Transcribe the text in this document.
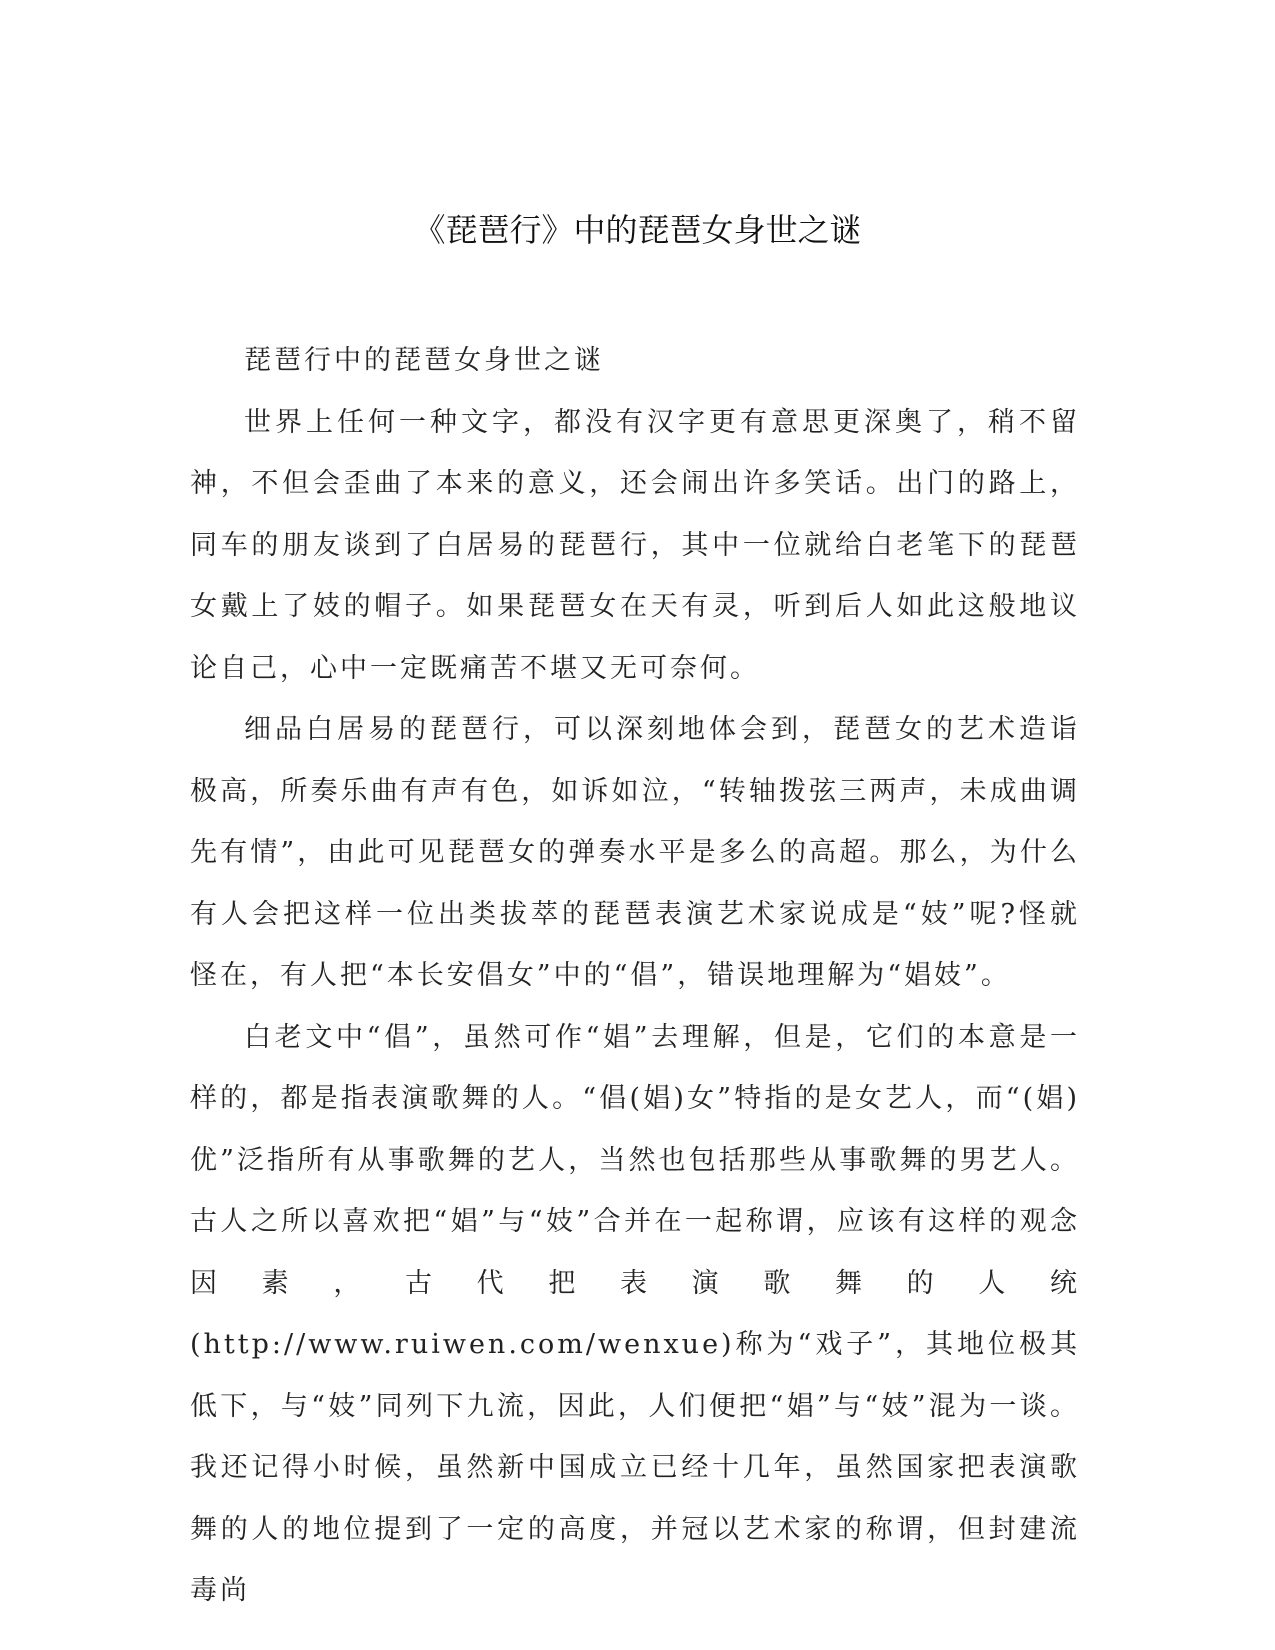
《琵琶行》中的琵琶女身世之谜

琵琶行中的琵琶女身世之谜

世界上任何一种文字，都没有汉字更有意思更深奥了，稍不留神，不但会歪曲了本来的意义，还会闹出许多笑话。出门的路上，同车的朋友谈到了白居易的琵琶行，其中一位就给白老笔下的琵琶女戴上了妓的帽子。如果琵琶女在天有灵，听到后人如此这般地议论自己，心中一定既痛苦不堪又无可奈何。

细品白居易的琵琶行，可以深刻地体会到，琵琶女的艺术造诣极高，所奏乐曲有声有色，如诉如泣，“转轴拨弦三两声，未成曲调先有情”，由此可见琵琶女的弹奏水平是多么的高超。那么，为什么有人会把这样一位出类拔萃的琵琶表演艺术家说成是“妓”呢?怪就怪在，有人把“本长安倡女”中的“倡”，错误地理解为“娼妓”。

白老文中“倡”，虽然可作“娼”去理解，但是，它们的本意是一样的，都是指表演歌舞的人。“倡(娼)女”特指的是女艺人，而“(娼)优”泛指所有从事歌舞的艺人，当然也包括那些从事歌舞的男艺人。古人之所以喜欢把“娼”与“妓”合并在一起称谓，应该有这样的观念因素，古代把表演歌舞的人统(http://www.ruiwen.com/wenxue)称为“戏子”，其地位极其低下，与“妓”同列下九流，因此，人们便把“娼”与“妓”混为一谈。我还记得小时候，虽然新中国成立已经十几年，虽然国家把表演歌舞的人的地位提到了一定的高度，并冠以艺术家的称谓，但封建流毒尚
